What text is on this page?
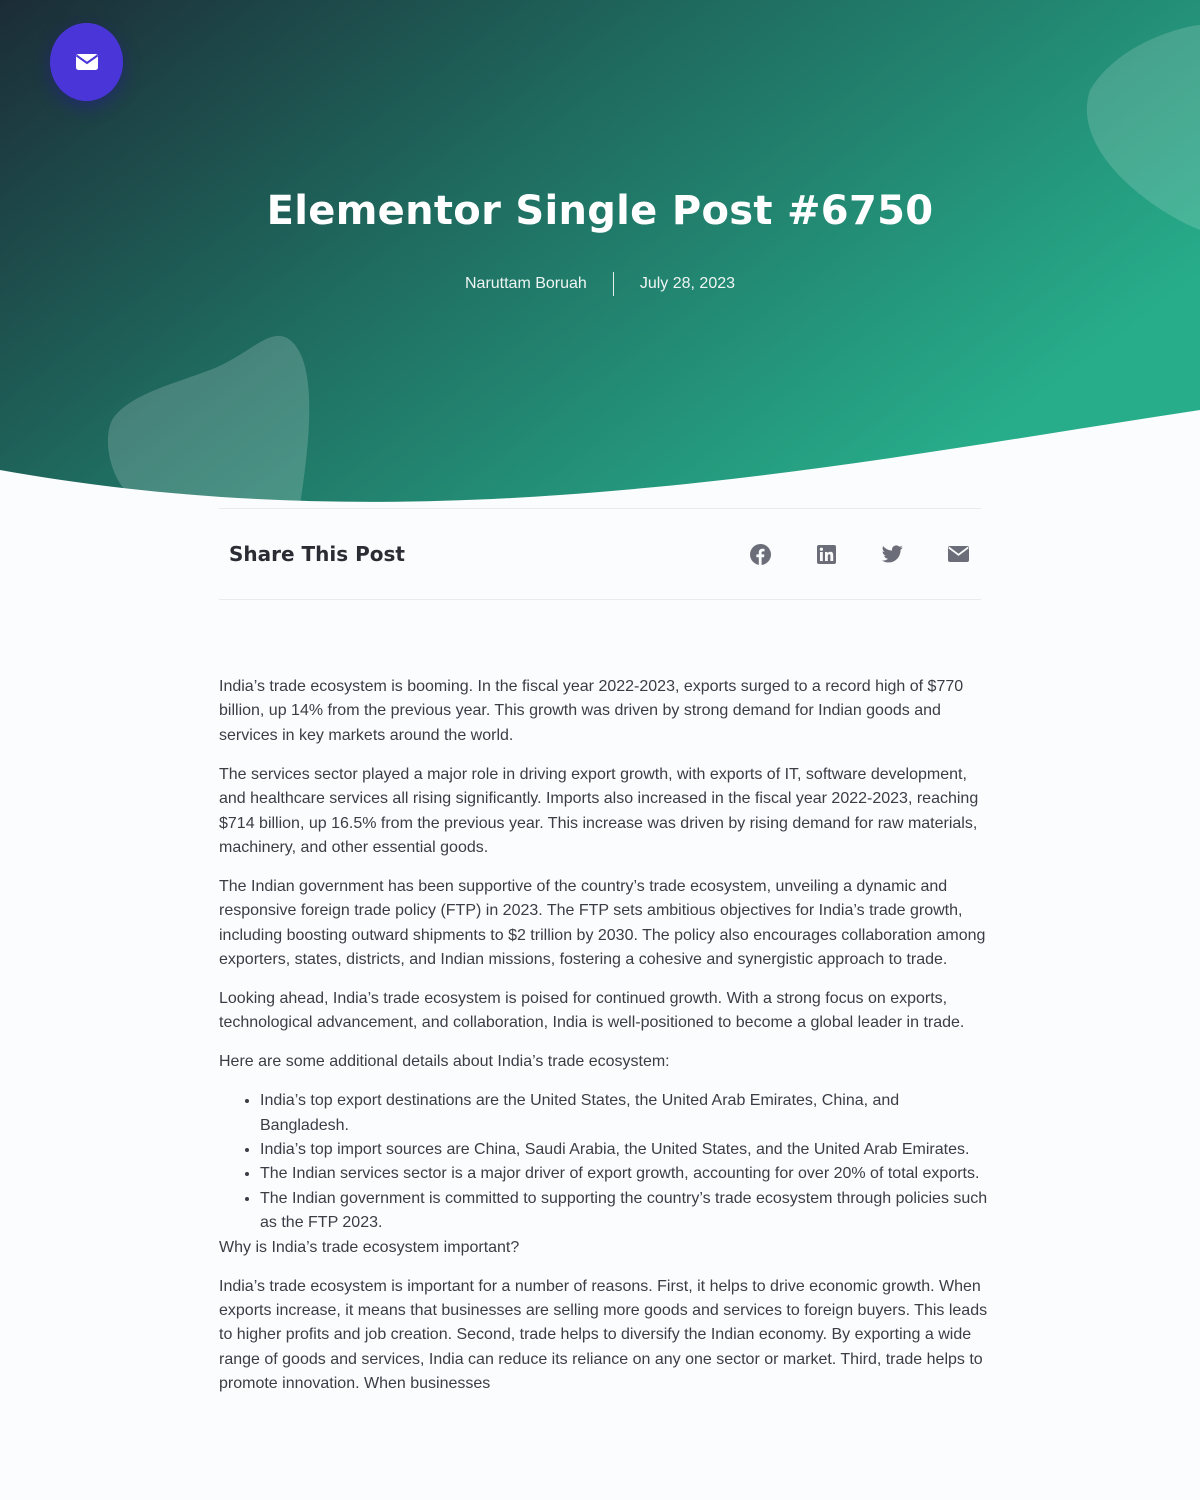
Elementor Single Post #6750
Naruttam Boruah	July 28, 2023
Share This Post

India’s trade ecosystem is booming. In the fiscal year 2022-2023, exports surged to a record high of $770 billion, up 14% from the previous year. This growth was driven by strong demand for Indian goods and services in key markets around the world.

The services sector played a major role in driving export growth, with exports of IT, software development, and healthcare services all rising significantly. Imports also increased in the fiscal year 2022-2023, reaching $714 billion, up 16.5% from the previous year. This increase was driven by rising demand for raw materials, machinery, and other essential goods.

The Indian government has been supportive of the country’s trade ecosystem, unveiling a dynamic and responsive foreign trade policy (FTP) in 2023. The FTP sets ambitious objectives for India’s trade growth, including boosting outward shipments to $2 trillion by 2030. The policy also encourages collaboration among exporters, states, districts, and Indian missions, fostering a cohesive and synergistic approach to trade.

Looking ahead, India’s trade ecosystem is poised for continued growth. With a strong focus on exports, technological advancement, and collaboration, India is well-positioned to become a global leader in trade.

Here are some additional details about India’s trade ecosystem:

• India’s top export destinations are the United States, the United Arab Emirates, China, and Bangladesh.
• India’s top import sources are China, Saudi Arabia, the United States, and the United Arab Emirates.
• The Indian services sector is a major driver of export growth, accounting for over 20% of total exports.
• The Indian government is committed to supporting the country’s trade ecosystem through policies such as the FTP 2023.

Why is India’s trade ecosystem important?

India’s trade ecosystem is important for a number of reasons. First, it helps to drive economic growth. When exports increase, it means that businesses are selling more goods and services to foreign buyers. This leads to higher profits and job creation. Second, trade helps to diversify the Indian economy. By exporting a wide range of goods and services, India can reduce its reliance on any one sector or market. Third, trade helps to promote innovation. When businesses
